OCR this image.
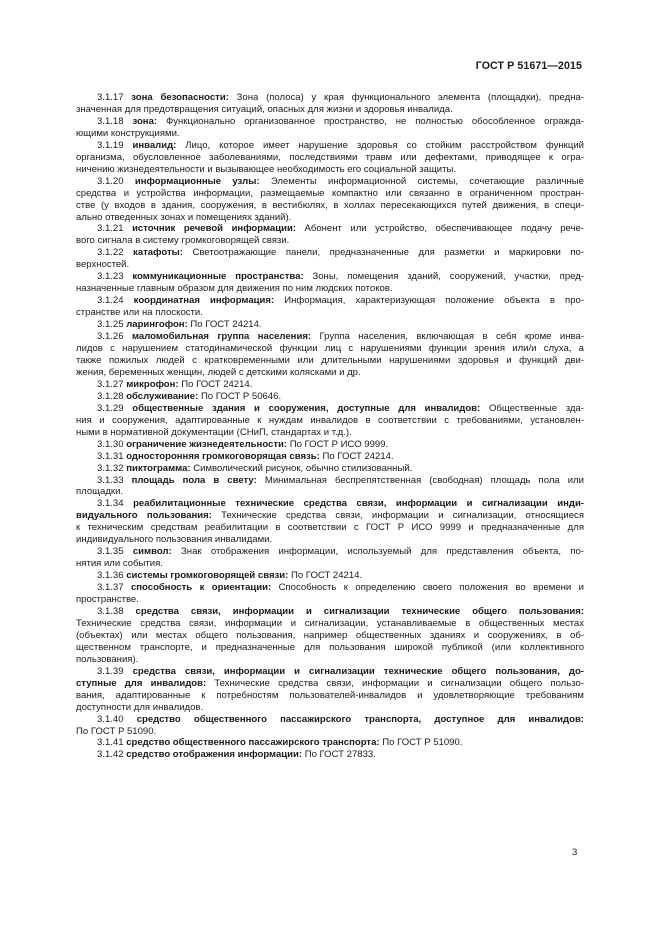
ГОСТ Р 51671—2015
3.1.17 зона безопасности: Зона (полоса) у края функционального элемента (площадки), предна-
значенная для предотвращения ситуаций, опасных для жизни и здоровья инвалида.
3.1.18 зона: Функционально организованное пространство, не полностью обособленное огражда-
ющими конструкциями.
3.1.19 инвалид: Лицо, которое имеет нарушение здоровья со стойким расстройством функций
организма, обусловленное заболеваниями, последствиями травм или дефектами, приводящее к огра-
ничению жизнедеятельности и вызывающее необходимость его социальной защиты.
3.1.20 информационные узлы: Элементы информационной системы, сочетающие различные
средства и устройства информации, размещаемые компактно или связанно в ограниченном простран-
стве (у входов в здания, сооружения, в вестибюлях, в холлах пересекающихся путей движения, в специ-
ально отведенных зонах и помещениях зданий).
3.1.21 источник речевой информации: Абонент или устройство, обеспечивающее подачу рече-
вого сигнала в систему громкоговорящей связи.
3.1.22 катафоты: Светоотражающие панели, предназначенные для разметки и маркировки по-
верхностей.
3.1.23 коммуникационные пространства: Зоны, помещения зданий, сооружений, участки, пред-
назначенные главным образом для движения по ним людских потоков.
3.1.24 координатная информация: Информация, характеризующая положение объекта в про-
странстве или на плоскости.
3.1.25 ларингофон: По ГОСТ 24214.
3.1.26 маломобильная группа населения: Группа населения, включающая в себя кроме инва-
лидов с нарушением статодинамической функции лиц с нарушениями функции зрения или/и слуха, а
также пожилых людей с кратковременными или длительными нарушениями здоровья и функций дви-
жения, беременных женщин, людей с детскими колясками и др.
3.1.27 микрофон: По ГОСТ 24214.
3.1.28 обслуживание: По ГОСТ Р 50646.
3.1.29 общественные здания и сооружения, доступные для инвалидов: Общественные зда-
ния и сооружения, адаптированные к нуждам инвалидов в соответствии с требованиями, установлен-
ными в нормативной документации (СНиП, стандартах и т.д.).
3.1.30 ограничение жизнедеятельности: По ГОСТ Р ИСО 9999.
3.1.31 односторонняя громкоговорящая связь: По ГОСТ 24214.
3.1.32 пиктограмма: Символический рисунок, обычно стилизованный.
3.1.33 площадь пола в свету: Минимальная беспрепятственная (свободная) площадь пола или
площадки.
3.1.34 реабилитационные технические средства связи, информации и сигнализации инди-
видуального пользования: Технические средства связи, информации и сигнализации, относящиеся
к техническим средствам реабилитации в соответствии с ГОСТ Р ИСО 9999 и предназначенные для
индивидуального пользования инвалидами.
3.1.35 символ: Знак отображения информации, используемый для представления объекта, по-
нятия или события.
3.1.36 системы громкоговорящей связи: По ГОСТ 24214.
3.1.37 способность к ориентации: Способность к определению своего положения во времени и
пространстве.
3.1.38 средства связи, информации и сигнализации технические общего пользования:
Технические средства связи, информации и сигнализации, устанавливаемые в общественных местах
(объектах) или местах общего пользования, например общественных зданиях и сооружениях, в об-
щественном транспорте, и предназначенные для пользования широкой публикой (или коллективного
пользования).
3.1.39 средства связи, информации и сигнализации технические общего пользования, до-
ступные для инвалидов: Технические средства связи, информации и сигнализации общего пользо-
вания, адаптированные к потребностям пользователей-инвалидов и удовлетворяющие требованиям
доступности для инвалидов.
3.1.40 средство общественного пассажирского транспорта, доступное для инвалидов:
По ГОСТ Р 51090.
3.1.41 средство общественного пассажирского транспорта: По ГОСТ Р 51090.
3.1.42 средство отображения информации: По ГОСТ 27833.
3
